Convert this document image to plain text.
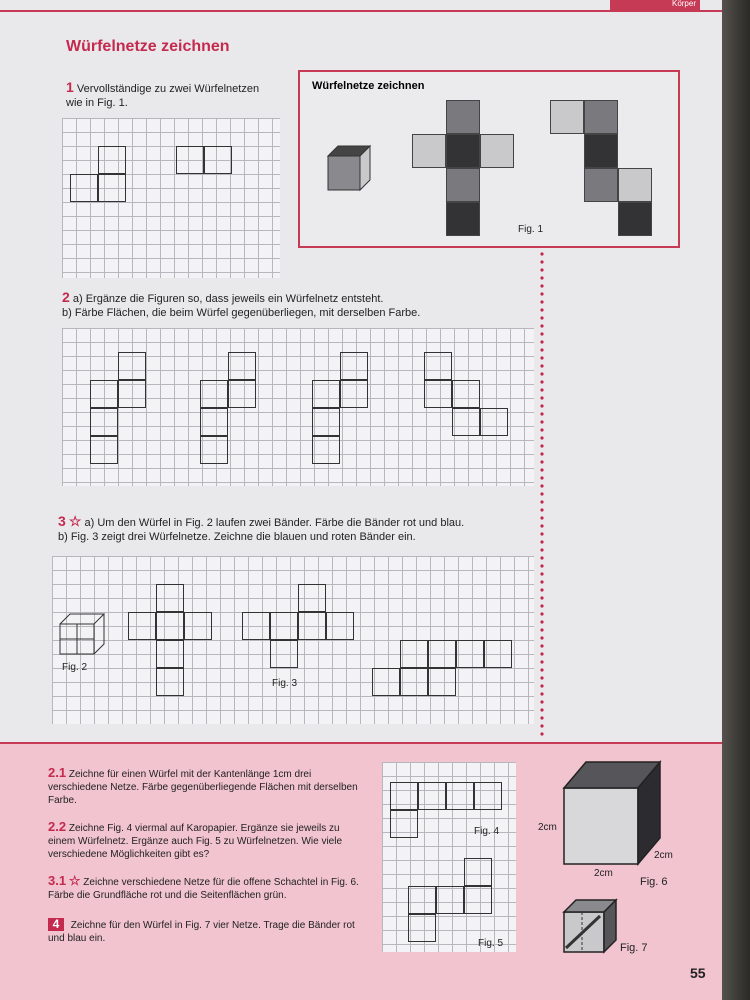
Körper
Würfelnetze zeichnen
1 Vervollständige zu zwei Würfelnetzen
wie in Fig. 1.
Würfelnetze zeichnen
Fig. 1
2 a) Ergänze die Figuren so, dass jeweils ein Würfelnetz entsteht.
b) Färbe Flächen, die beim Würfel gegenüberliegen, mit derselben Farbe.
3 ☆ a) Um den Würfel in Fig. 2 laufen zwei Bänder. Färbe die Bänder rot und blau.
b) Fig. 3 zeigt drei Würfelnetze. Zeichne die blauen und roten Bänder ein.
Fig. 2
Fig. 3
2.1 Zeichne für einen Würfel mit der Kantenlänge 1cm drei verschiedene Netze. Färbe gegenüberliegende Flächen mit derselben Farbe.
2.2 Zeichne Fig. 4 viermal auf Karopapier. Ergänze sie jeweils zu einem Würfelnetz. Ergänze auch Fig. 5 zu Würfelnetzen. Wie viele verschiedene Möglichkeiten gibt es?
3.1 ☆ Zeichne verschiedene Netze für die offene Schachtel in Fig. 6. Färbe die Grundfläche rot und die Seitenflächen grün.
4 Zeichne für den Würfel in Fig. 7 vier Netze. Trage die Bänder rot und blau ein.
Fig. 4
Fig. 5
2cm
2cm
2cm
Fig. 6
Fig. 7
55
